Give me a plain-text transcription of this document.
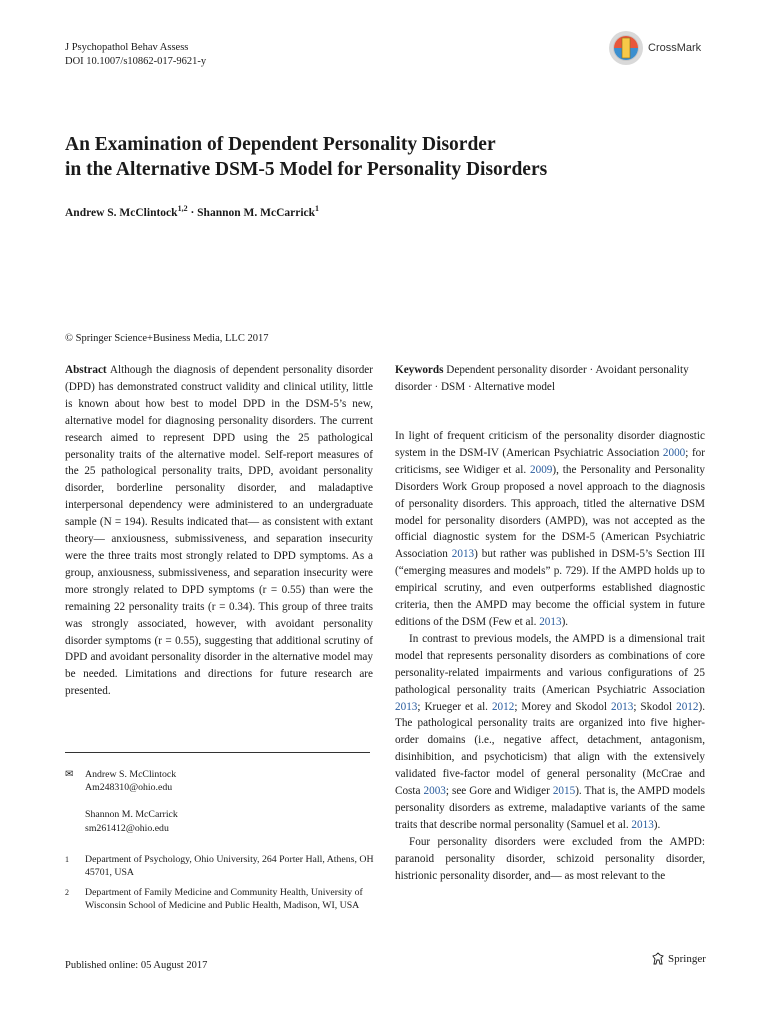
J Psychopathol Behav Assess
DOI 10.1007/s10862-017-9621-y
CrossMark
An Examination of Dependent Personality Disorder
in the Alternative DSM-5 Model for Personality Disorders
Andrew S. McClintock$^{1,2}$ · Shannon M. McCarrick$^1$
© Springer Science+Business Media, LLC 2017
Abstract Although the diagnosis of dependent personality disorder (DPD) has demonstrated construct validity and clinical utility, little is known about how best to model DPD in the DSM-5’s new, alternative model for diagnosing personality disorders. The current research aimed to represent DPD using the 25 pathological personality traits of the alternative model. Self-report measures of the 25 pathological personality traits, DPD, avoidant personality disorder, borderline personality disorder, and maladaptive interpersonal dependency were administered to an undergraduate sample (N = 194). Results indicated that— as consistent with extant theory— anxiousness, submissiveness, and separation insecurity were the three traits most strongly related to DPD symptoms. As a group, anxiousness, submissiveness, and separation insecurity were more strongly related to DPD symptoms (r = 0.55) than were the remaining 22 personality traits (r = 0.34). This group of three traits was strongly associated, however, with avoidant personality disorder symptoms (r = 0.55), suggesting that additional scrutiny of DPD and avoidant personality disorder in the alternative model may be needed. Limitations and directions for future research are presented.
Keywords Dependent personality disorder · Avoidant personality disorder · DSM · Alternative model

In light of frequent criticism of the personality disorder diagnostic system in the DSM-IV (American Psychiatric Association 2000; for criticisms, see Widiger et al. 2009), the Personality and Personality Disorders Work Group proposed a novel approach to the diagnosis of personality disorders. This approach, titled the alternative DSM model for personality disorders (AMPD), was not accepted as the official diagnostic system for the DSM-5 (American Psychiatric Association 2013) but rather was published in DSM-5’s Section III (“emerging measures and models” p. 729). If the AMPD holds up to empirical scrutiny, and even outperforms established diagnostic criteria, then the AMPD may become the official system in future editions of the DSM (Few et al. 2013).

In contrast to previous models, the AMPD is a dimensional trait model that represents personality disorders as combinations of core personality-related impairments and various configurations of 25 pathological personality traits (American Psychiatric Association 2013; Krueger et al. 2012; Morey and Skodol 2013; Skodol 2012). The pathological personality traits are organized into five higher-order domains (i.e., negative affect, detachment, antagonism, disinhibition, and psychoticism) that align with the extensively validated five-factor model of general personality (McCrae and Costa 2003; see Gore and Widiger 2015). That is, the AMPD models personality disorders as extreme, maladaptive variants of the same traits that describe normal personality (Samuel et al. 2013).

Four personality disorders were excluded from the AMPD: paranoid personality disorder, schizoid personality disorder, histrionic personality disorder, and— as most relevant to the

✉	Andrew S. McClintock
Am248310@ohio.edu
Shannon M. McCarrick
sm261412@ohio.edu
1	Department of Psychology, Ohio University, 264 Porter Hall, Athens, OH 45701, USA
2	Department of Family Medicine and Community Health, University of Wisconsin School of Medicine and Public Health, Madison, WI, USA
Published online: 05 August 2017
Springer
